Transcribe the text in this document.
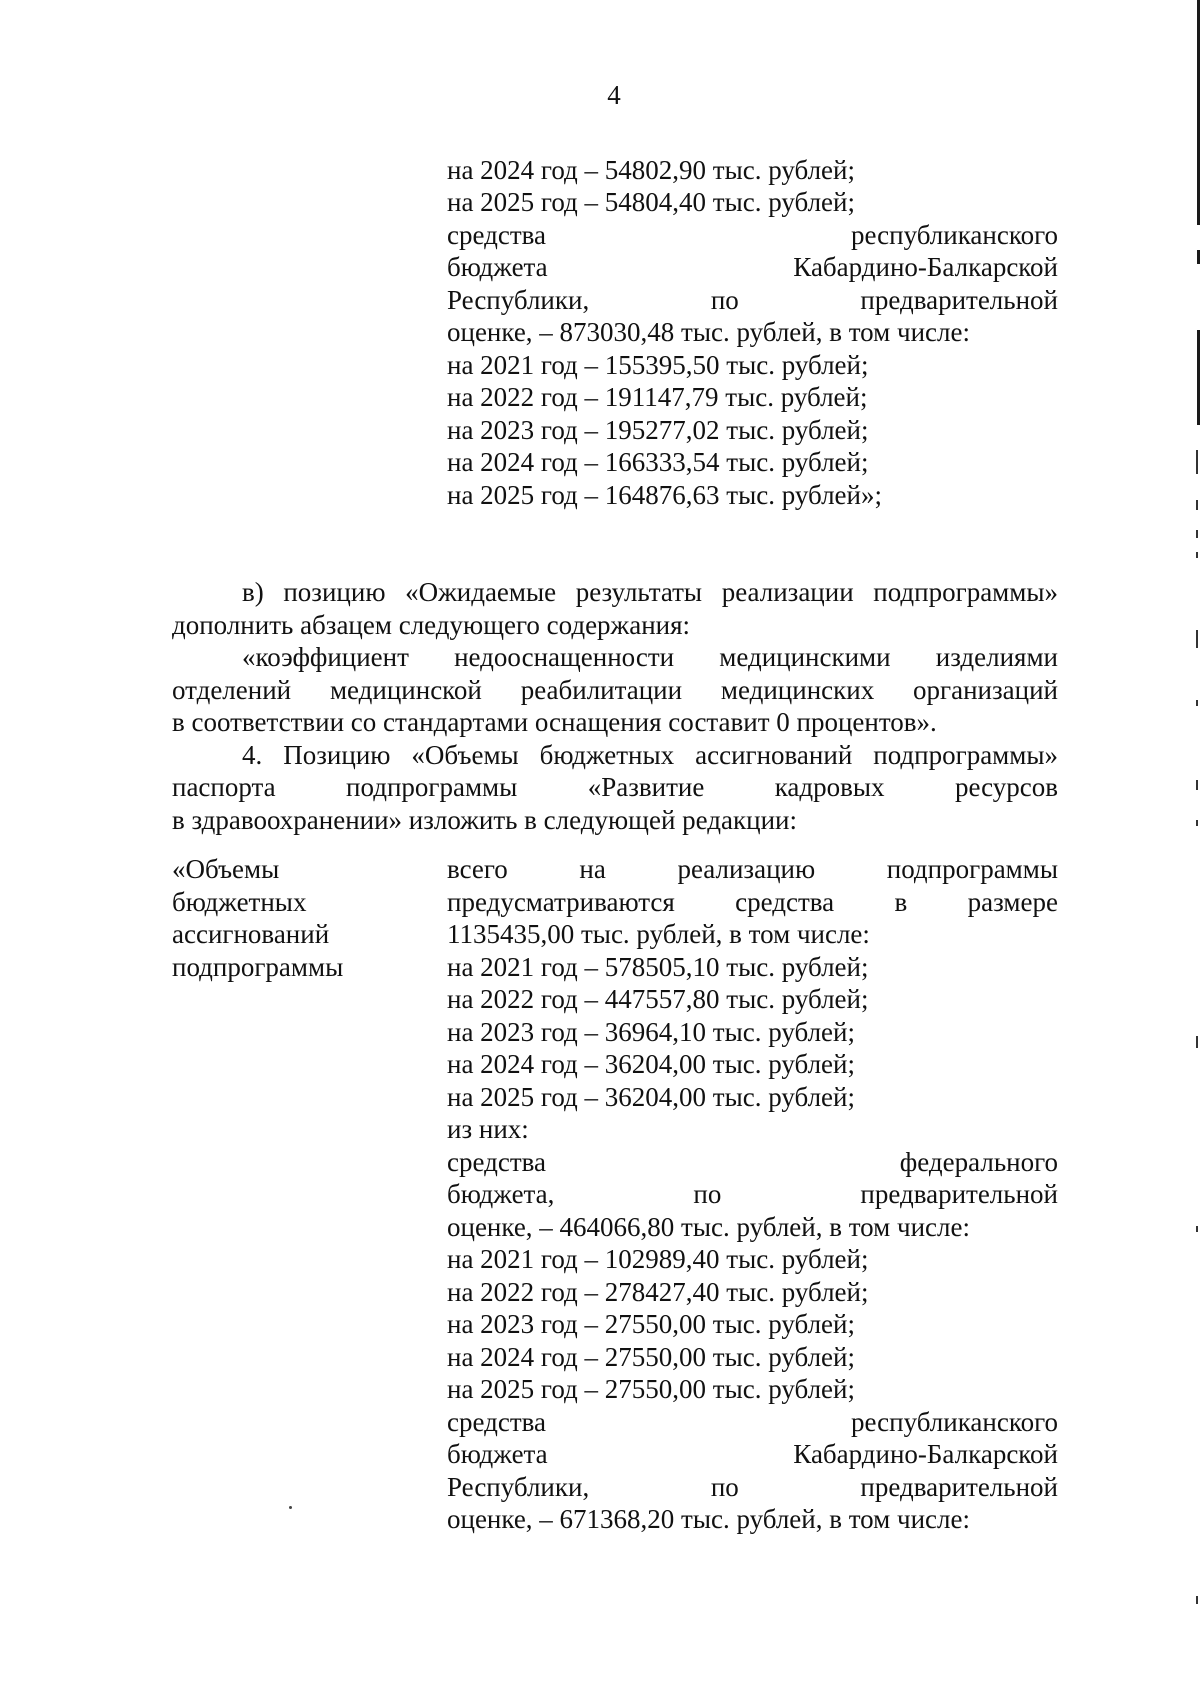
4
на 2024 год – 54802,90 тыс. рублей;
на 2025 год – 54804,40 тыс. рублей;
средства республиканского
бюджета Кабардино-Балкарской
Республики, по предварительной
оценке, – 873030,48 тыс. рублей, в том числе:
на 2021 год – 155395,50 тыс. рублей;
на 2022 год – 191147,79 тыс. рублей;
на 2023 год – 195277,02 тыс. рублей;
на 2024 год – 166333,54 тыс. рублей;
на 2025 год – 164876,63 тыс. рублей»;
в) позицию «Ожидаемые результаты реализации подпрограммы»
дополнить абзацем следующего содержания:
«коэффициент недооснащенности медицинскими изделиями
отделений медицинской реабилитации медицинских организаций
в соответствии со стандартами оснащения составит 0 процентов».
4. Позицию «Объемы бюджетных ассигнований подпрограммы»
паспорта подпрограммы «Развитие кадровых ресурсов
в здравоохранении» изложить в следующей редакции:
«Объемы
бюджетных
ассигнований
подпрограммы
всего на реализацию подпрограммы
предусматриваются средства в размере
1135435,00 тыс. рублей, в том числе:
на 2021 год – 578505,10 тыс. рублей;
на 2022 год – 447557,80 тыс. рублей;
на 2023 год – 36964,10 тыс. рублей;
на 2024 год – 36204,00 тыс. рублей;
на 2025 год – 36204,00 тыс. рублей;
из них:
средства федерального
бюджета, по предварительной
оценке, – 464066,80 тыс. рублей, в том числе:
на 2021 год – 102989,40 тыс. рублей;
на 2022 год – 278427,40 тыс. рублей;
на 2023 год – 27550,00 тыс. рублей;
на 2024 год – 27550,00 тыс. рублей;
на 2025 год – 27550,00 тыс. рублей;
средства республиканского
бюджета Кабардино-Балкарской
Республики, по предварительной
оценке, – 671368,20 тыс. рублей, в том числе:
